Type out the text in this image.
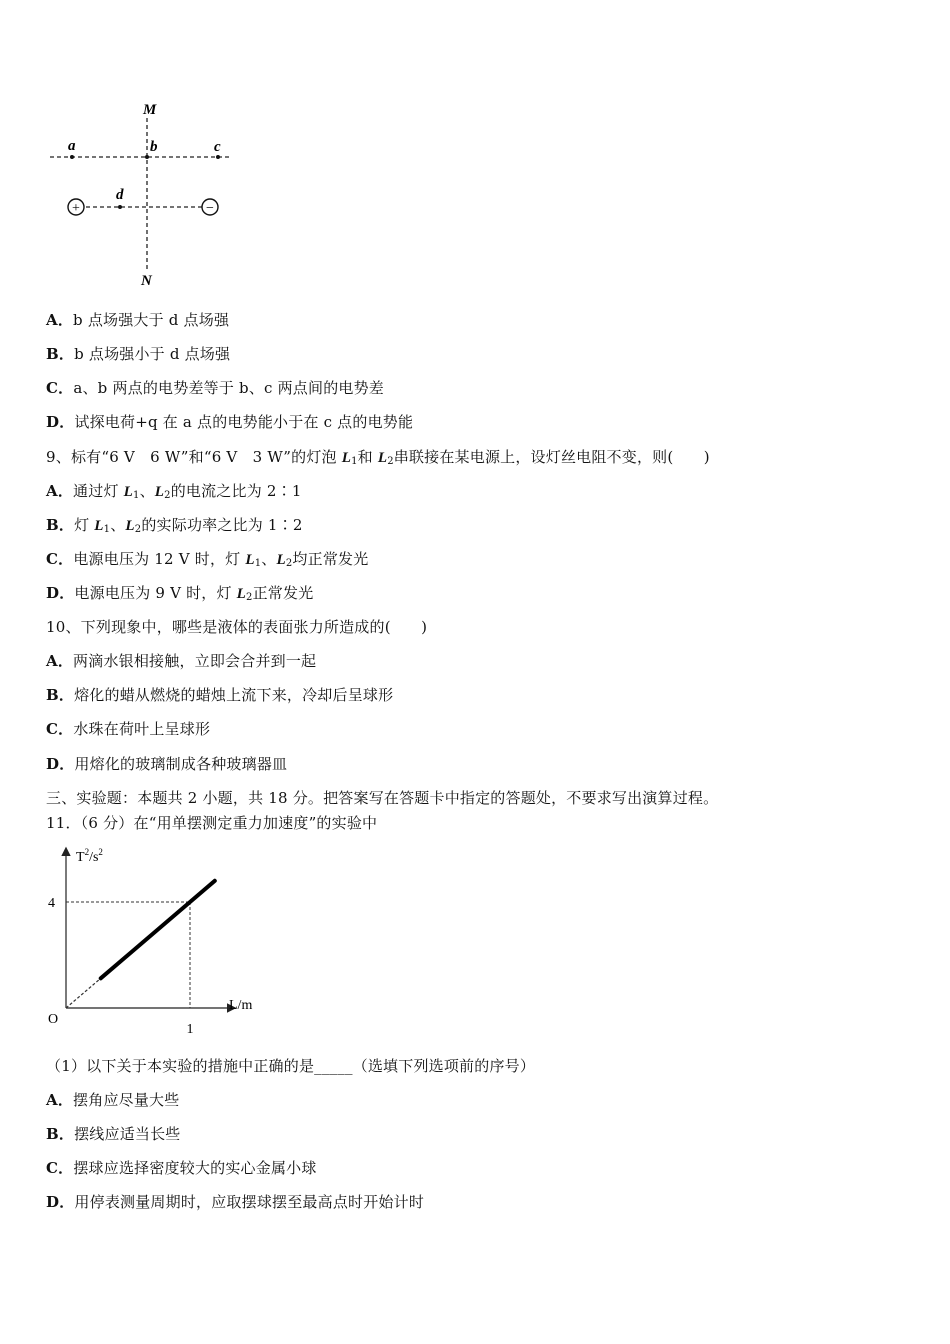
+	−
M
N
a	b	c
d
A．b 点场强大于 d 点场强
B．b 点场强小于 d 点场强
C．a、b 两点的电势差等于 b、c 两点间的电势差
D．试探电荷+q 在 a 点的电势能小于在 c 点的电势能
9、标有“6 V　6 W”和“6 V　3 W”的灯泡 $L_1$和 $L_2$串联接在某电源上，设灯丝电阻不变，则(　　)
A．通过灯 $L_1$、$L_2$的电流之比为 2∶1
B．灯 $L_1$、$L_2$的实际功率之比为 1∶2
C．电源电压为 12 V 时，灯 $L_1$、$L_2$均正常发光
D．电源电压为 9 V 时，灯 $L_2$正常发光
10、下列现象中，哪些是液体的表面张力所造成的(　　)
A．两滴水银相接触，立即会合并到一起
B．熔化的蜡从燃烧的蜡烛上流下来，冷却后呈球形
C．水珠在荷叶上呈球形
D．用熔化的玻璃制成各种玻璃器皿
三、实验题：本题共 2 小题，共 18 分。把答案写在答题卡中指定的答题处，不要求写出演算过程。
11．（6 分）在“用单摆测定重力加速度”的实验中
$T^2/s^2$
4
1
O
L/m
（1）以下关于本实验的措施中正确的是_____（选填下列选项前的序号）
A．摆角应尽量大些
B．摆线应适当长些
C．摆球应选择密度较大的实心金属小球
D．用停表测量周期时，应取摆球摆至最高点时开始计时
